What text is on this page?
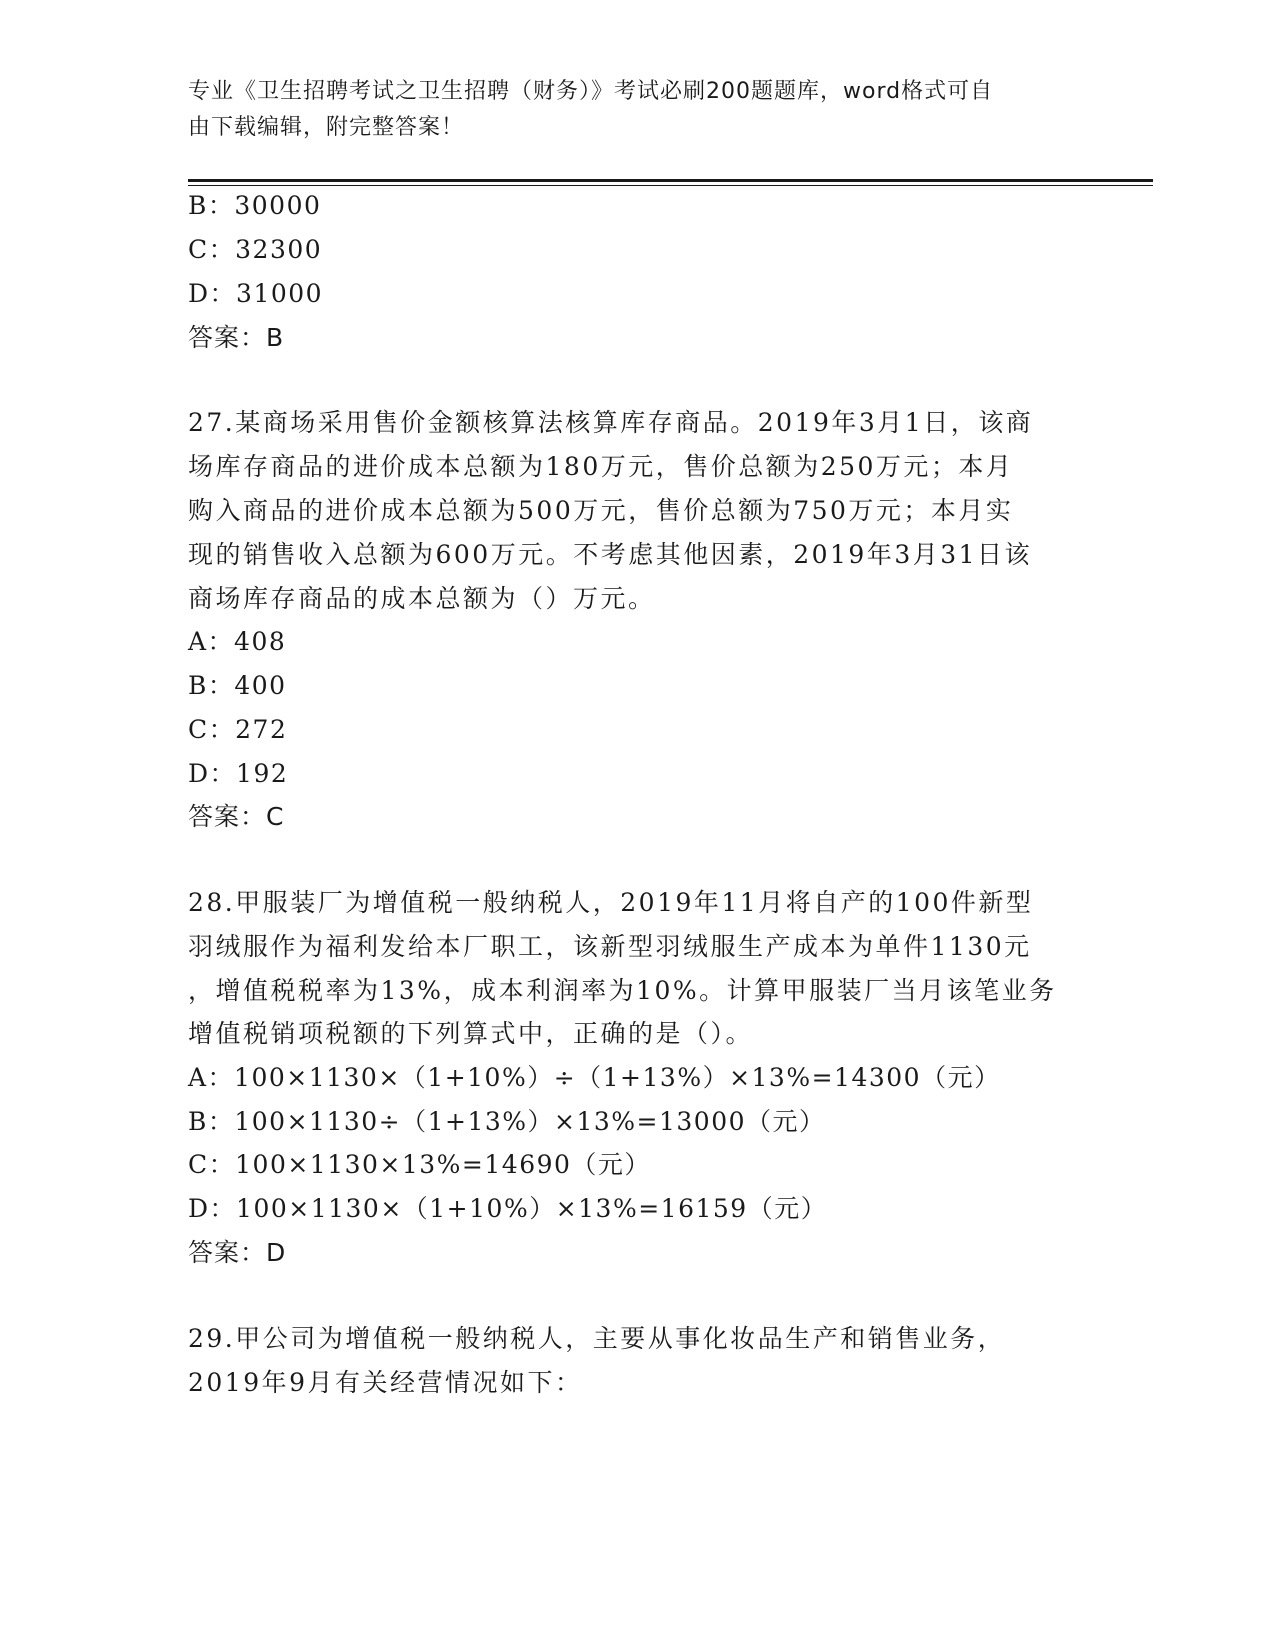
专业《卫生招聘考试之卫生招聘（财务）》考试必刷200题题库，word格式可自
由下载编辑，附完整答案！
B：30000
C：32300
D：31000
答案：B
27.某商场采用售价金额核算法核算库存商品。2019年3月1日，该商
场库存商品的进价成本总额为180万元，售价总额为250万元；本月
购入商品的进价成本总额为500万元，售价总额为750万元；本月实
现的销售收入总额为600万元。不考虑其他因素，2019年3月31日该
商场库存商品的成本总额为（）万元。
A：408
B：400
C：272
D：192
答案：C
28.甲服装厂为增值税一般纳税人，2019年11月将自产的100件新型
羽绒服作为福利发给本厂职工，该新型羽绒服生产成本为单件1130元
，增值税税率为13%，成本利润率为10%。计算甲服装厂当月该笔业务
增值税销项税额的下列算式中，正确的是（）。
A：100×1130×（1+10%）÷（1+13%）×13%=14300（元）
B：100×1130÷（1+13%）×13%=13000（元）
C：100×1130×13%=14690（元）
D：100×1130×（1+10%）×13%=16159（元）
答案：D
29.甲公司为增值税一般纳税人，主要从事化妆品生产和销售业务，
2019年9月有关经营情况如下：
